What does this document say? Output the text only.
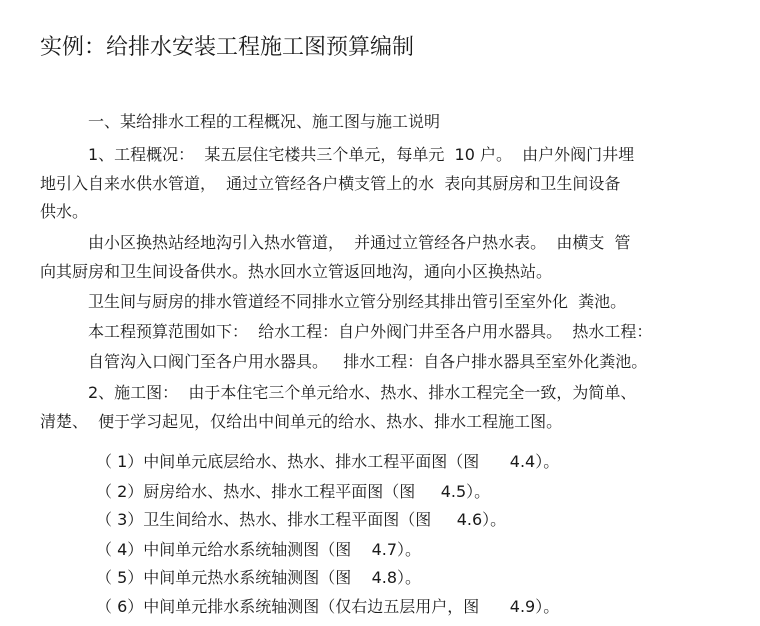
实例：给排水安装工程施工图预算编制
一、某给排水工程的工程概况、施工图与施工说明
1、工程概况：  某五层住宅楼共三个单元，每单元  10 户。  由户外阀门井埋
地引入自来水供水管道，  通过立管经各户横支管上的水  表向其厨房和卫生间设备
供水。
由小区换热站经地沟引入热水管道，  并通过立管经各户热水表。  由横支  管
向其厨房和卫生间设备供水。热水回水立管返回地沟，通向小区换热站。
卫生间与厨房的排水管道经不同排水立管分别经其排出管引至室外化  粪池。
本工程预算范围如下：  给水工程：自户外阀门井至各户用水器具。  热水工程：
自管沟入口阀门至各户用水器具。   排水工程：自各户排水器具至室外化粪池。
2、施工图：  由于本住宅三个单元给水、热水、排水工程完全一致，为简单、
清楚、  便于学习起见，仅给出中间单元的给水、热水、排水工程施工图。
（ 1）中间单元底层给水、热水、排水工程平面图（图      4.4）。
（ 2）厨房给水、热水、排水工程平面图（图     4.5）。
（ 3）卫生间给水、热水、排水工程平面图（图     4.6）。
（ 4）中间单元给水系统轴测图（图    4.7）。
（ 5）中间单元热水系统轴测图（图    4.8）。
（ 6）中间单元排水系统轴测图（仅右边五层用户，图      4.9）。
